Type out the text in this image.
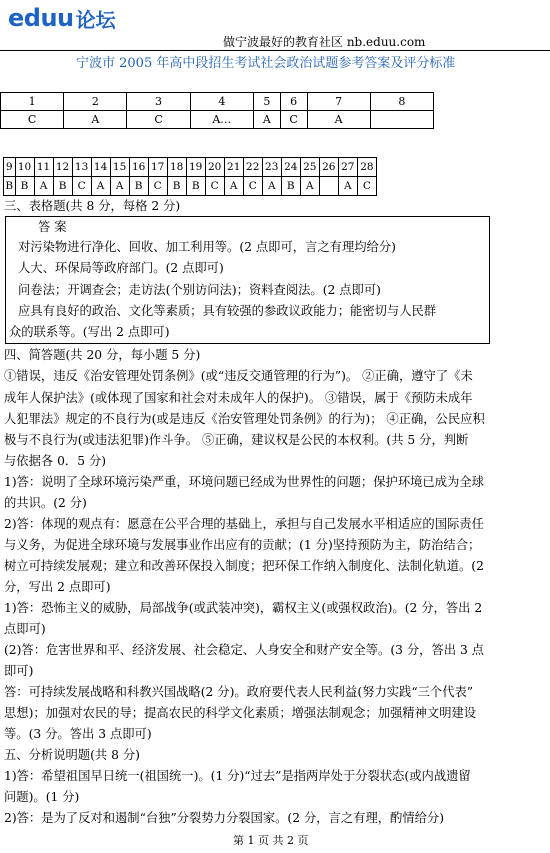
eduu 论坛
做宁波最好的教育社区 nb.eduu.com
宁波市 2005 年高中段招生考试社会政治试题参考答案及评分标准
1	2	3	4	5	6	7	8
C	A	C	A…	A	C	A	
9	10	11	12	13	14	15	16	17	18	19	20	21	22	23	24	25	26	27	28
B	B	A	B	C	A	A	B	C	B	B	C	A	C	A	B	A		A	C
三、表格题(共 8 分，每格 2 分)
答 案
对污染物进行净化、回收、加工利用等。(2 点即可，言之有理均给分)
人大、环保局等政府部门。(2 点即可)
问卷法；开调查会；走访法(个别访问法)；资料查阅法。(2 点即可)
应具有良好的政治、文化等素质；具有较强的参政议政能力；能密切与人民群
众的联系等。(写出 2 点即可)
四、简答题(共 20 分，每小题 5 分)
①错误，违反《治安管理处罚条例》(或“违反交通管理的行为”)。 ②正确，遵守了《未
成年人保护法》(或体现了国家和社会对未成年人的保护)。 ③错误，属于《预防未成年
人犯罪法》规定的不良行为(或是违反《治安管理处罚条例》的行为)； ④正确，公民应积
极与不良行为(或违法犯罪)作斗争。 ⑤正确，建议权是公民的本权利。(共 5 分，判断
与依据各 0．5 分)
1)答：说明了全球环境污染严重，环境问题已经成为世界性的问题；保护环境已成为全球
的共识。(2 分)
2)答：体现的观点有：愿意在公平合理的基础上，承担与自己发展水平相适应的国际责任
与义务，为促进全球环境与发展事业作出应有的贡献；(1 分)坚持预防为主，防治结合；
树立可持续发展观；建立和改善环保投入制度；把环保工作纳入制度化、法制化轨道。(2
分，写出 2 点即可)
1)答：恐怖主义的威胁，局部战争(或武装冲突)，霸权主义(或强权政治)。(2 分，答出 2
点即可)
(2)答：危害世界和平、经济发展、社会稳定、人身安全和财产安全等。(3 分，答出 3 点
即可)
答：可持续发展战略和科教兴国战略(2 分)。政府要代表人民利益(努力实践“三个代表”
思想)；加强对农民的导；提高农民的科学文化素质；增强法制观念；加强精神文明建设
等。(3 分。答出 3 点即可)
五、分析说明题(共 8 分)
1)答：希望祖国早日统一(祖国统一)。(1 分)“过去”是指两岸处于分裂状态(或内战遗留
问题)。(1 分)
2)答：是为了反对和遏制“台独”分裂势力分裂国家。(2 分，言之有理，酌情给分)
第 1 页 共 2 页
